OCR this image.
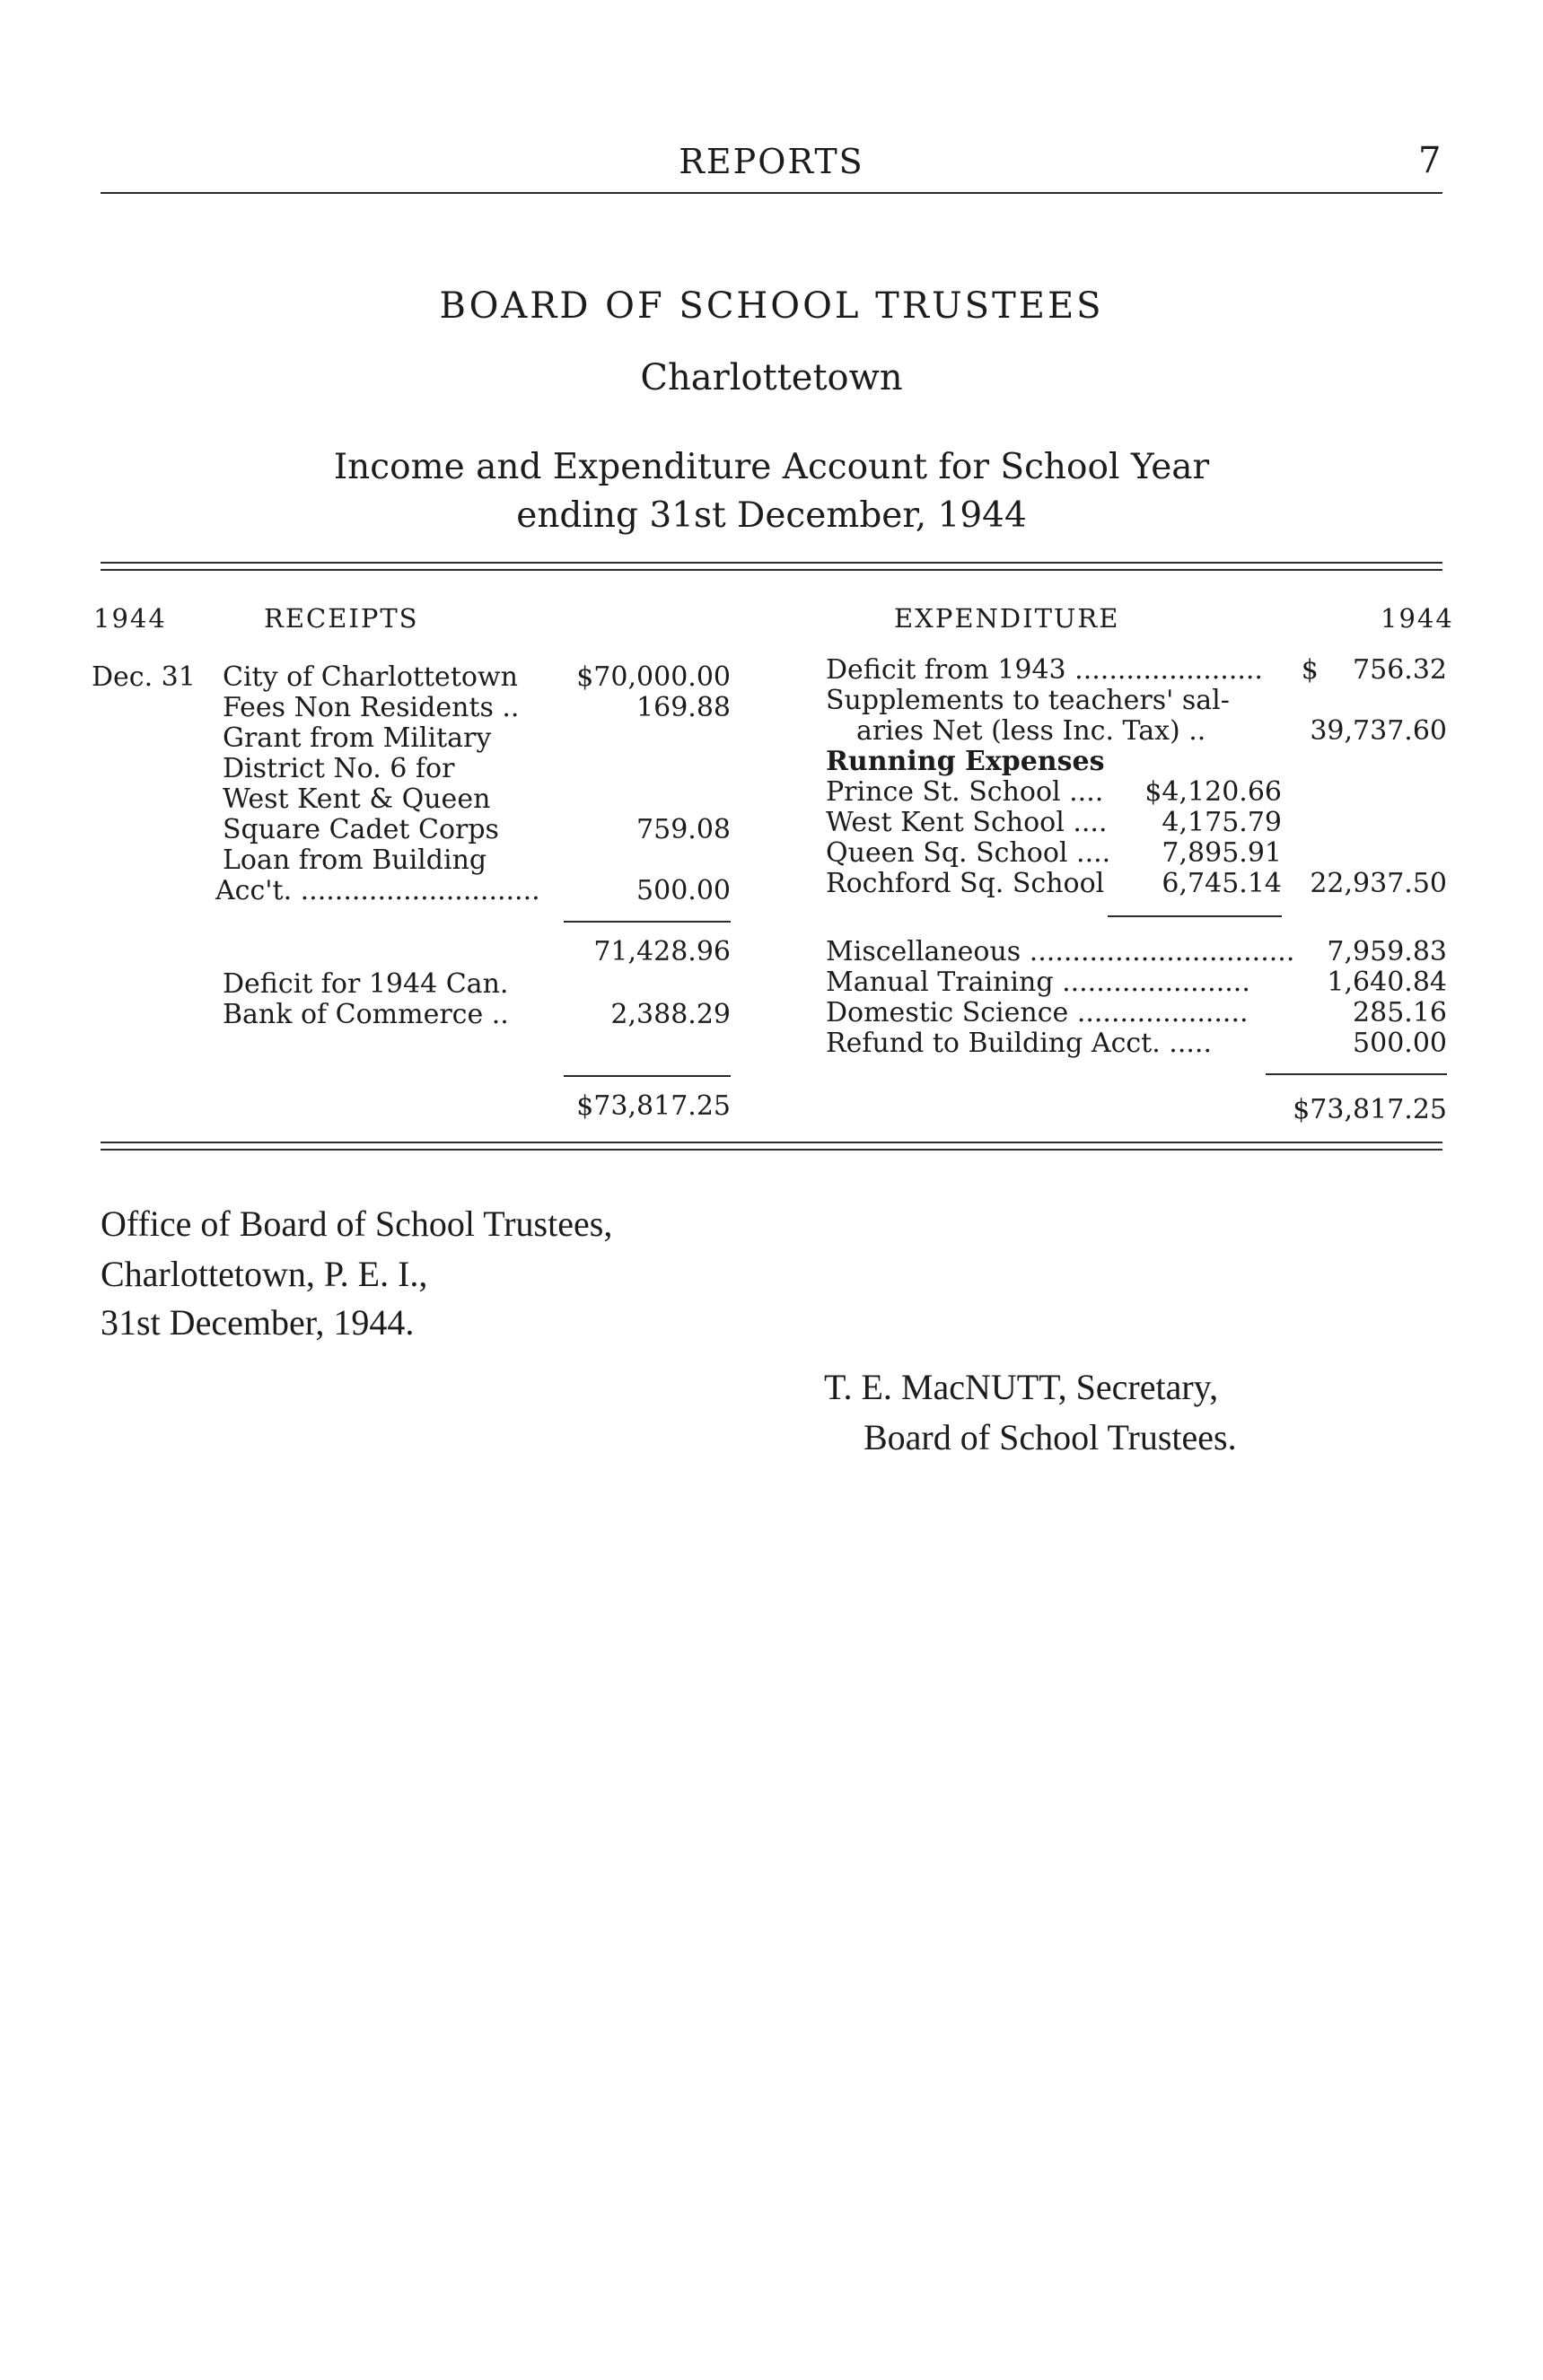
REPORTS	7
BOARD OF SCHOOL TRUSTEES
Charlottetown
Income and Expenditure Account for School Year
ending 31st December, 1944
1944	RECEIPTS	EXPENDITURE	1944
Dec. 31 City of Charlottetown	$70,000.00
Fees Non Residents ..	169.88
Grant from Military
District No. 6 for
West Kent & Queen
Square Cadet Corps	759.08
Loan from Building
Acc't. ............................	500.00
71,428.96
Deficit for 1944 Can.
Bank of Commerce ..	2,388.29
$73,817.25
Deficit from 1943 ......................	$    756.32
Supplements to teachers' sal-
aries Net (less Inc. Tax) ..	39,737.60
Running Expenses
Prince St. School ....	$4,120.66
West Kent School ....	4,175.79
Queen Sq. School ....	7,895.91
Rochford Sq. School	6,745.14	22,937.50
Miscellaneous ...............................	7,959.83
Manual Training ......................	1,640.84
Domestic Science ....................	285.16
Refund to Building Acct. .....	500.00
$73,817.25
Office of Board of School Trustees,
Charlottetown, P. E. I.,
31st December, 1944.
T. E. MacNUTT, Secretary,
Board of School Trustees.
